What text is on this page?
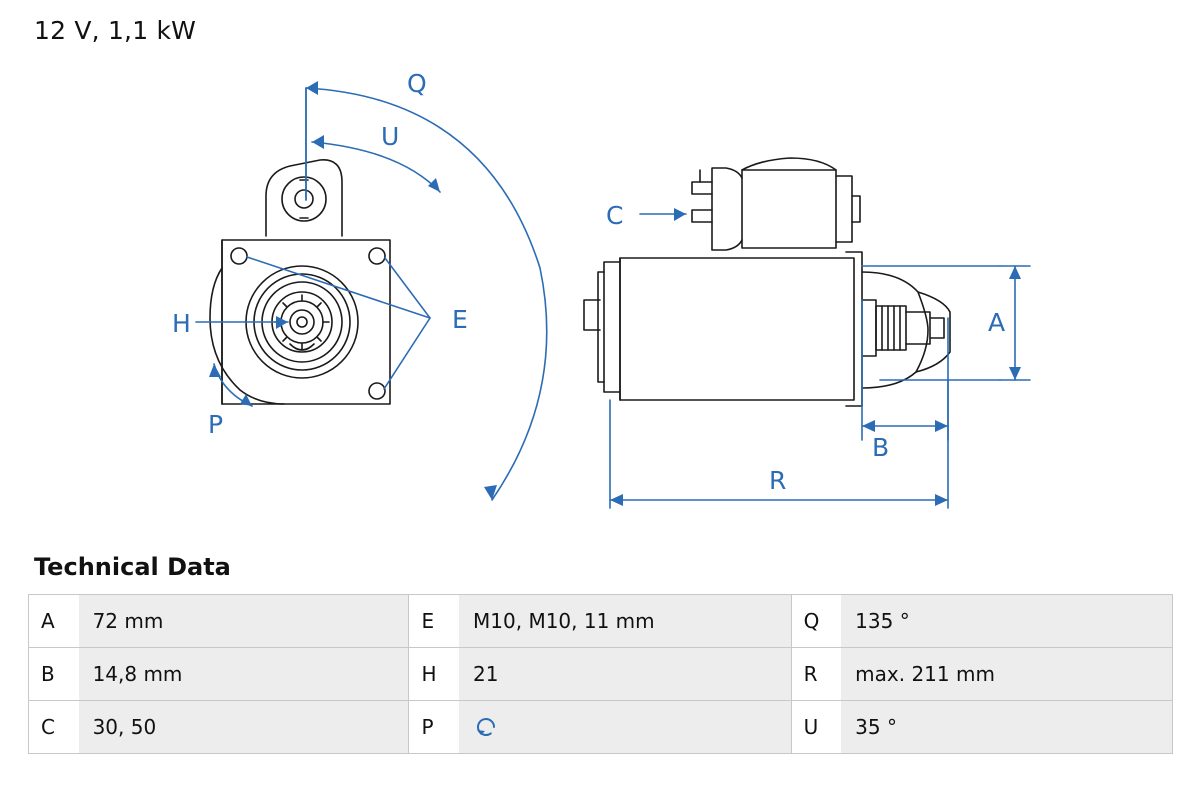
12 V, 1,1 kW
Q
U
E
H
P
C
A
B
R
Technical Data
A	72 mm	E	M10, M10, 11 mm	Q	135 °
B	14,8 mm	H	21	R	max. 211 mm
C	30, 50	P		U	35 °
